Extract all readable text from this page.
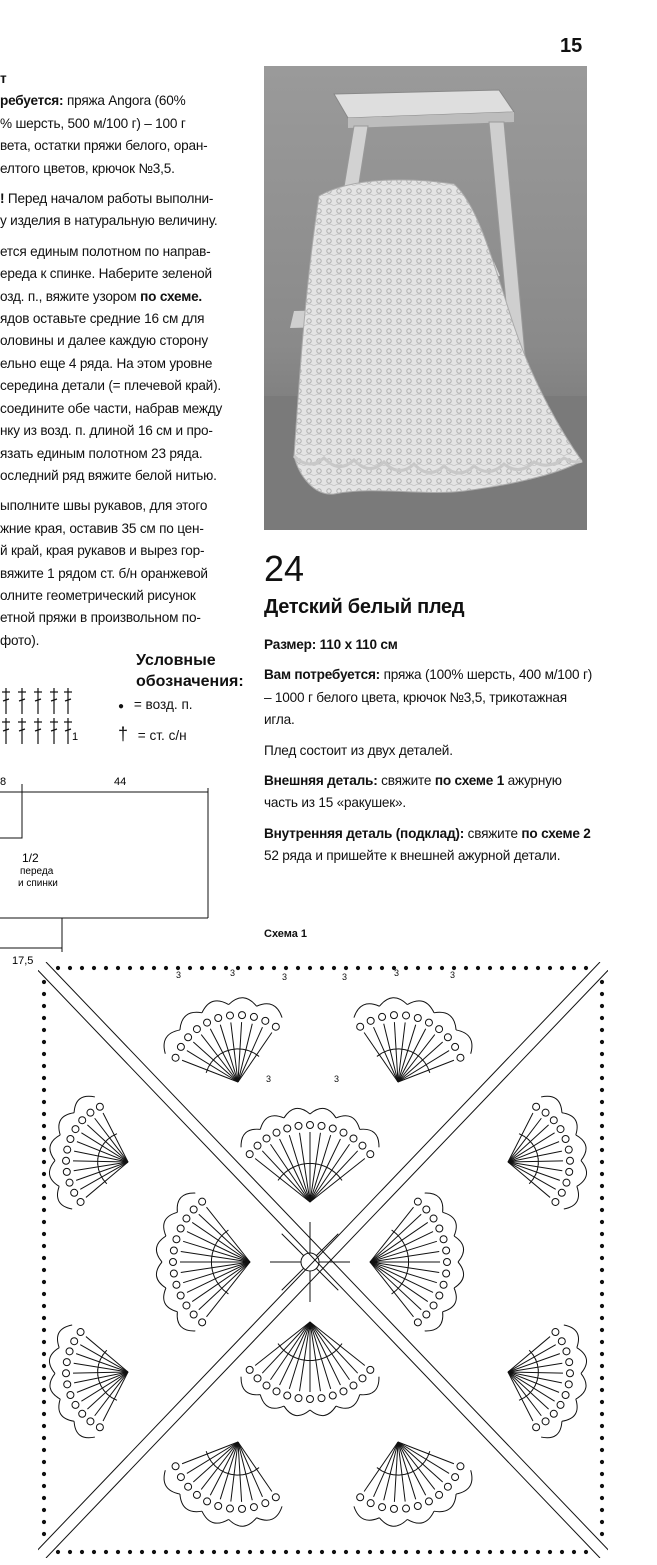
15

т

ребуется: пряжа Angora (60%

% шерсть, 500 м/100 г) – 100 г

вета, остатки пряжи белого, оран-

елтого цветов, крючок №3,5.

! Перед началом работы выполни-

у изделия в натуральную величину.

ется единым полотном по направ-

ереда к спинке. Наберите зеленой

озд. п., вяжите узором по схеме.

ядов оставьте средние 16 см для

оловины и далее каждую сторону

ельно еще 4 ряда. На этом уровне

середина детали (= плечевой край).

соедините обе части, набрав между

нку из возд. п. длиной 16 см и про-

язать единым полотном 23 ряда.

оследний ряд вяжите белой нитью.

ыполните швы рукавов, для этого

жние края, оставив 35 см по цен-

й край, края рукавов и вырез гор-

вяжите 1 рядом ст. б/н оранжевой

олните геометрический рисунок

етной пряжи в произвольном по-

фото).

24
Детский белый плед

Размер: 110 х 110 см

Вам потребуется: пряжа (100% шерсть, 400 м/100 г) – 1000 г белого цвета, крючок №3,5, трикотажная игла.

Плед состоит из двух деталей.

Внешняя деталь: свяжите по схеме 1 ажурную часть из 15 «ракушек».

Внутренняя деталь (подклад): свяжите по схеме 2 52 ряда и пришейте к внешней ажурной детали.

Условные
обозначения:
● = возд. п.
† = ст. с/н
1
8	44
1/2
переда
и спинки
17,5
Схема 1
3	3	3	3	3	3
3	3
